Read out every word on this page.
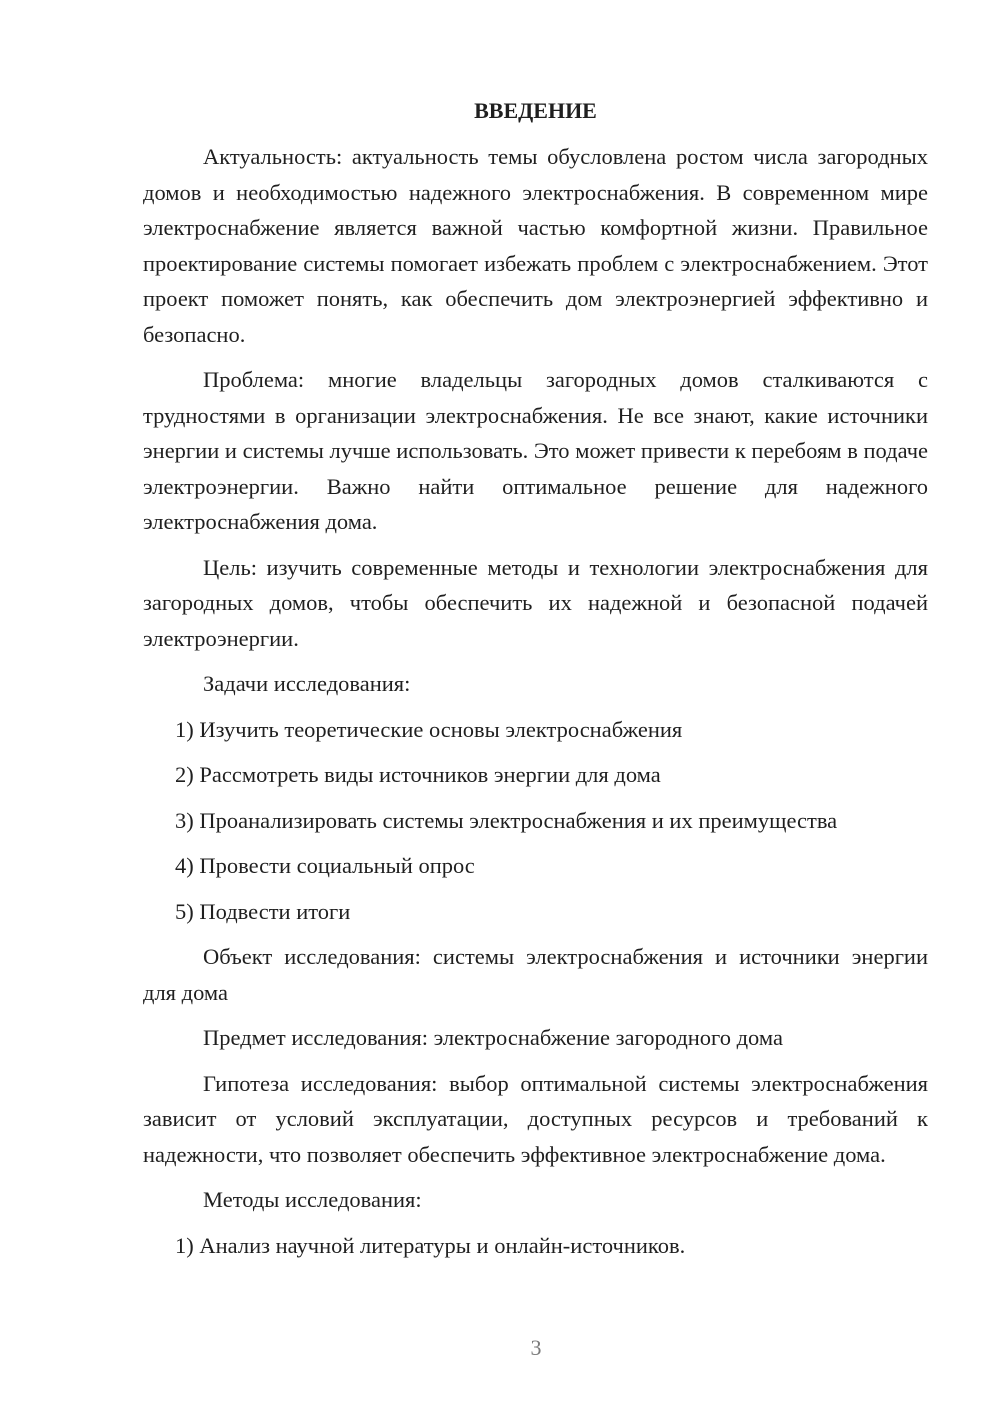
ВВЕДЕНИЕ

Актуальность: актуальность темы обусловлена ростом числа загородных домов и необходимостью надежного электроснабжения. В современном мире электроснабжение является важной частью комфортной жизни. Правильное проектирование системы помогает избежать проблем с электроснабжением. Этот проект поможет понять, как обеспечить дом электроэнергией эффективно и безопасно.

Проблема: многие владельцы загородных домов сталкиваются с трудностями в организации электроснабжения. Не все знают, какие источники энергии и системы лучше использовать. Это может привести к перебоям в подаче электроэнергии. Важно найти оптимальное решение для надежного электроснабжения дома.

Цель: изучить современные методы и технологии электроснабжения для загородных домов, чтобы обеспечить их надежной и безопасной подачей электроэнергии.

Задачи исследования:

1) Изучить теоретические основы электроснабжения

2) Рассмотреть виды источников энергии для дома

3) Проанализировать системы электроснабжения и их преимущества

4) Провести социальный опрос

5) Подвести итоги

Объект исследования: системы электроснабжения и источники энергии для дома

Предмет исследования: электроснабжение загородного дома

Гипотеза исследования: выбор оптимальной системы электроснабжения зависит от условий эксплуатации, доступных ресурсов и требований к надежности, что позволяет обеспечить эффективное электроснабжение дома.

Методы исследования:

1) Анализ научной литературы и онлайн-источников.

3
